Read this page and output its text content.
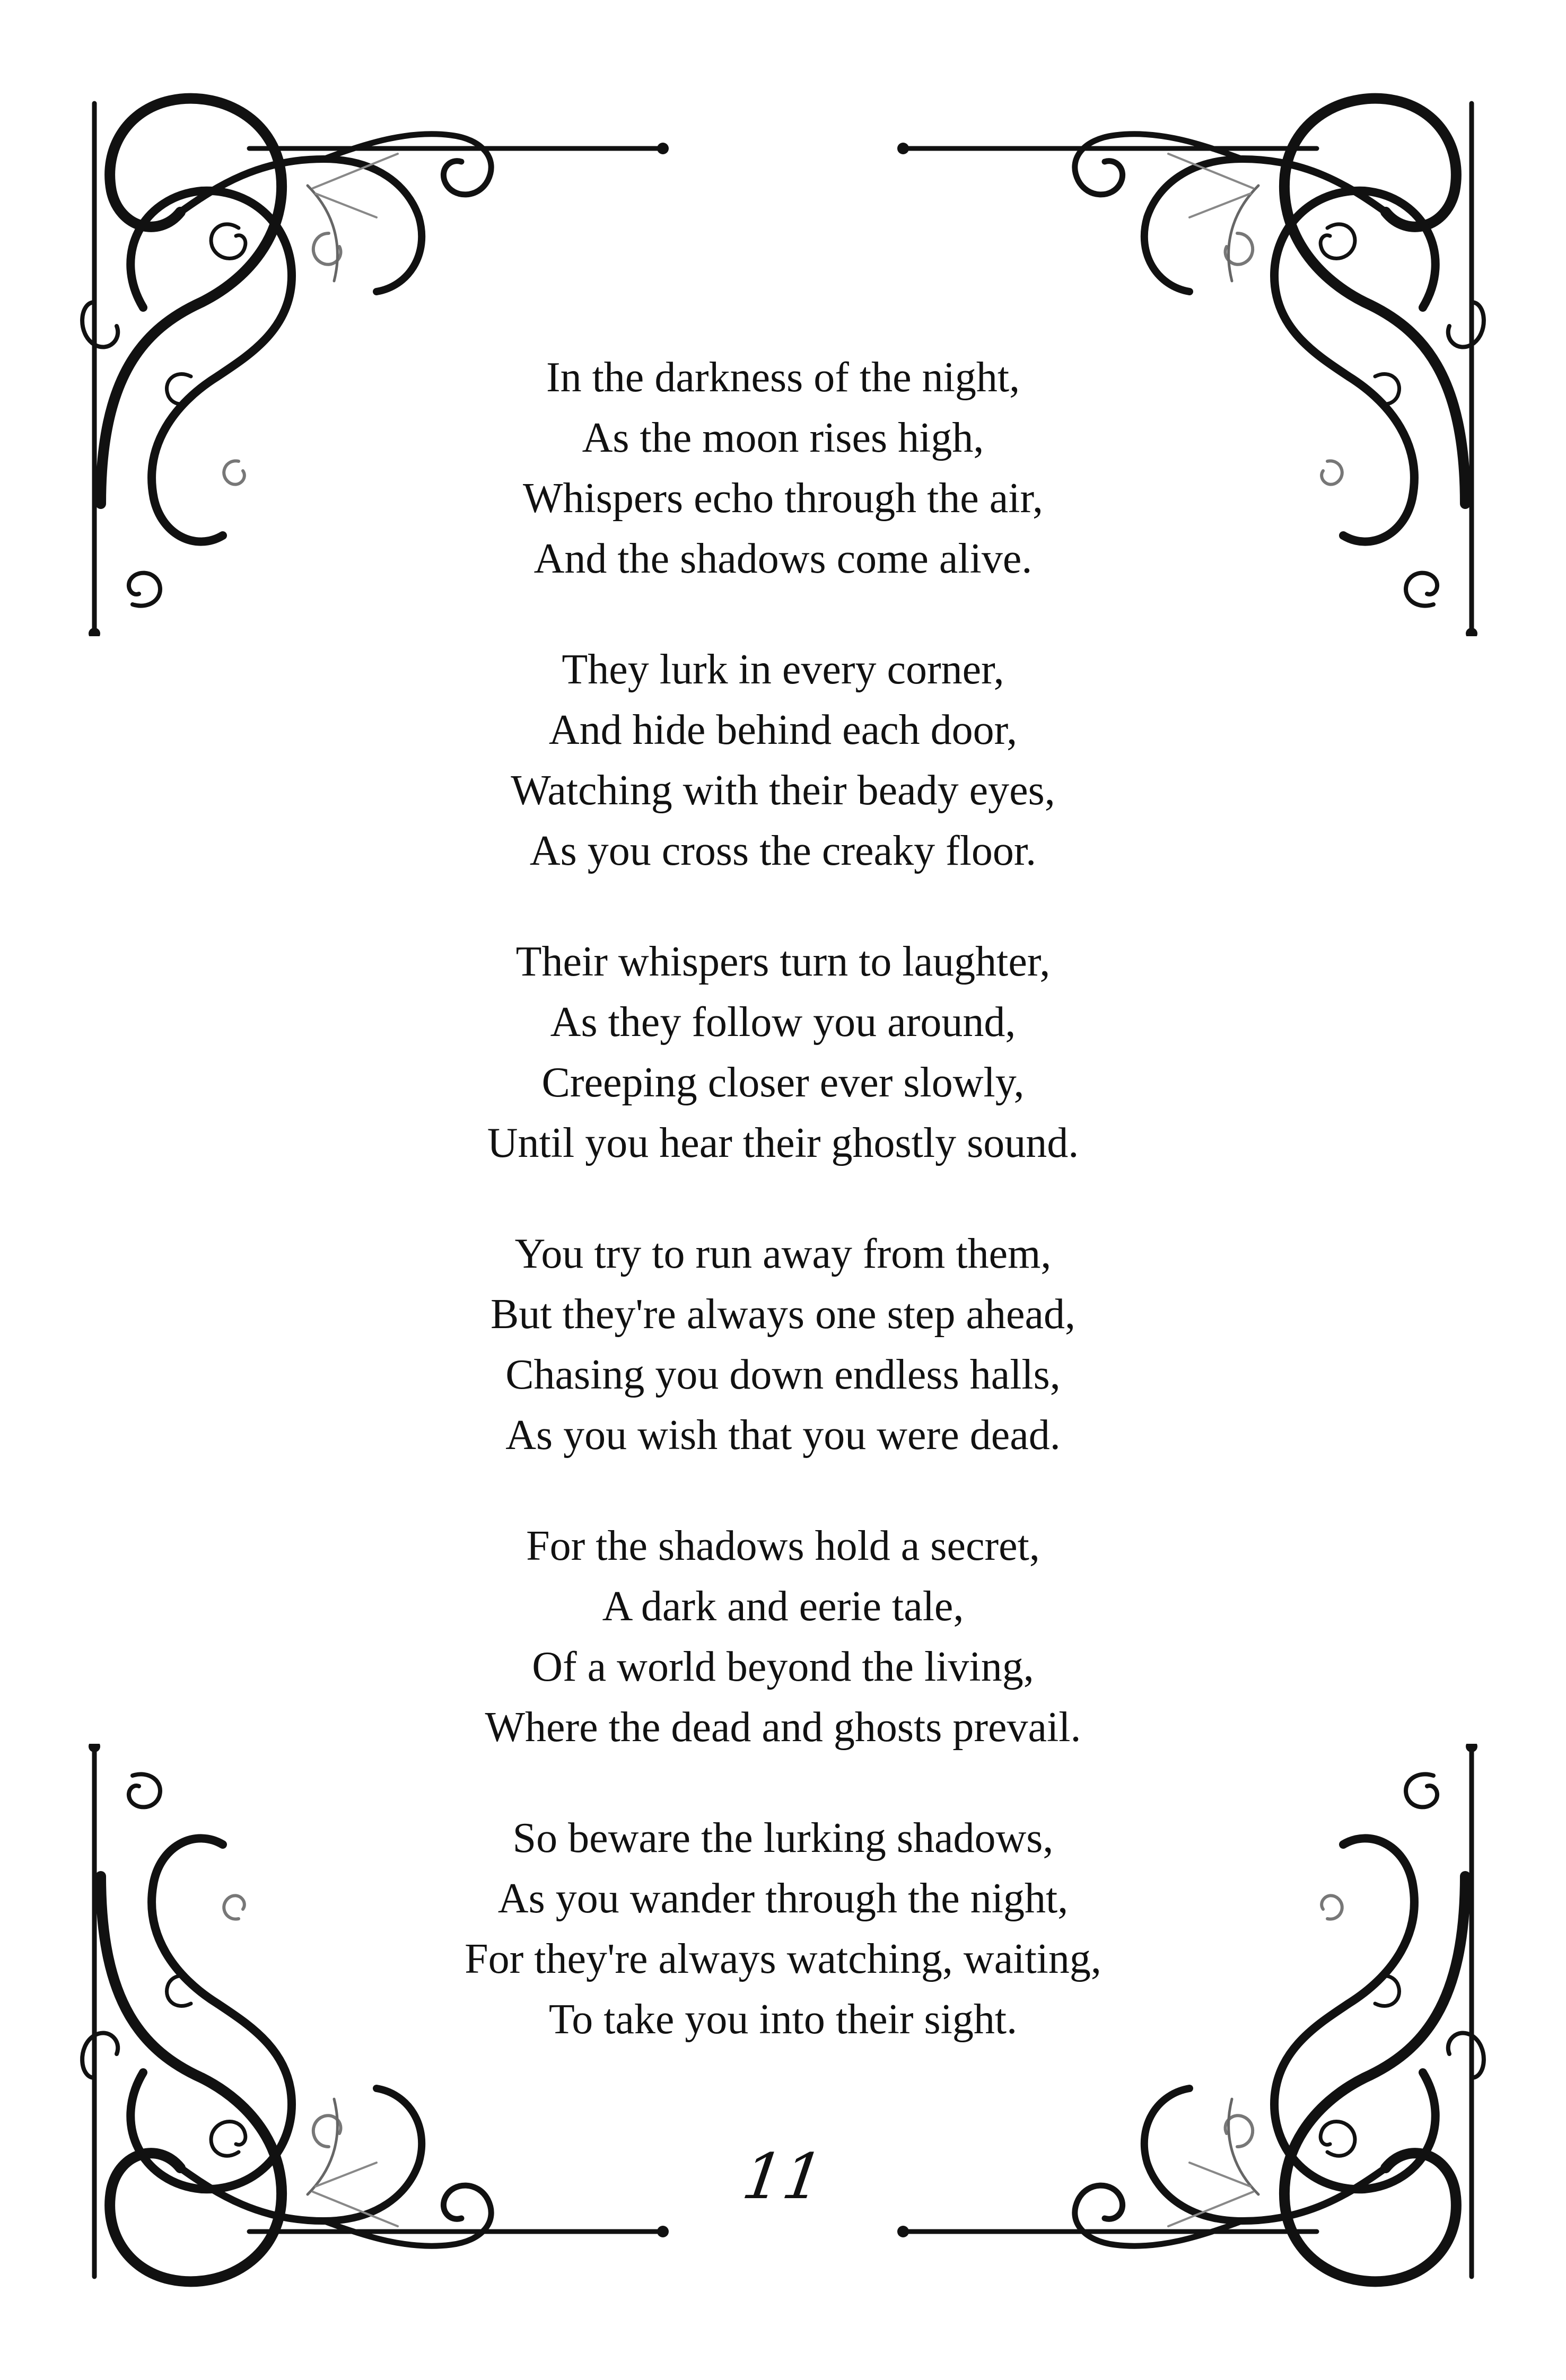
In the darkness of the night,
As the moon rises high,
Whispers echo through the air,
And the shadows come alive.
They lurk in every corner,
And hide behind each door,
Watching with their beady eyes,
As you cross the creaky floor.
Their whispers turn to laughter,
As they follow you around,
Creeping closer ever slowly,
Until you hear their ghostly sound.
You try to run away from them,
But they're always one step ahead,
Chasing you down endless halls,
As you wish that you were dead.
For the shadows hold a secret,
A dark and eerie tale,
Of a world beyond the living,
Where the dead and ghosts prevail.
So beware the lurking shadows,
As you wander through the night,
For they're always watching, waiting,
To take you into their sight.
11
